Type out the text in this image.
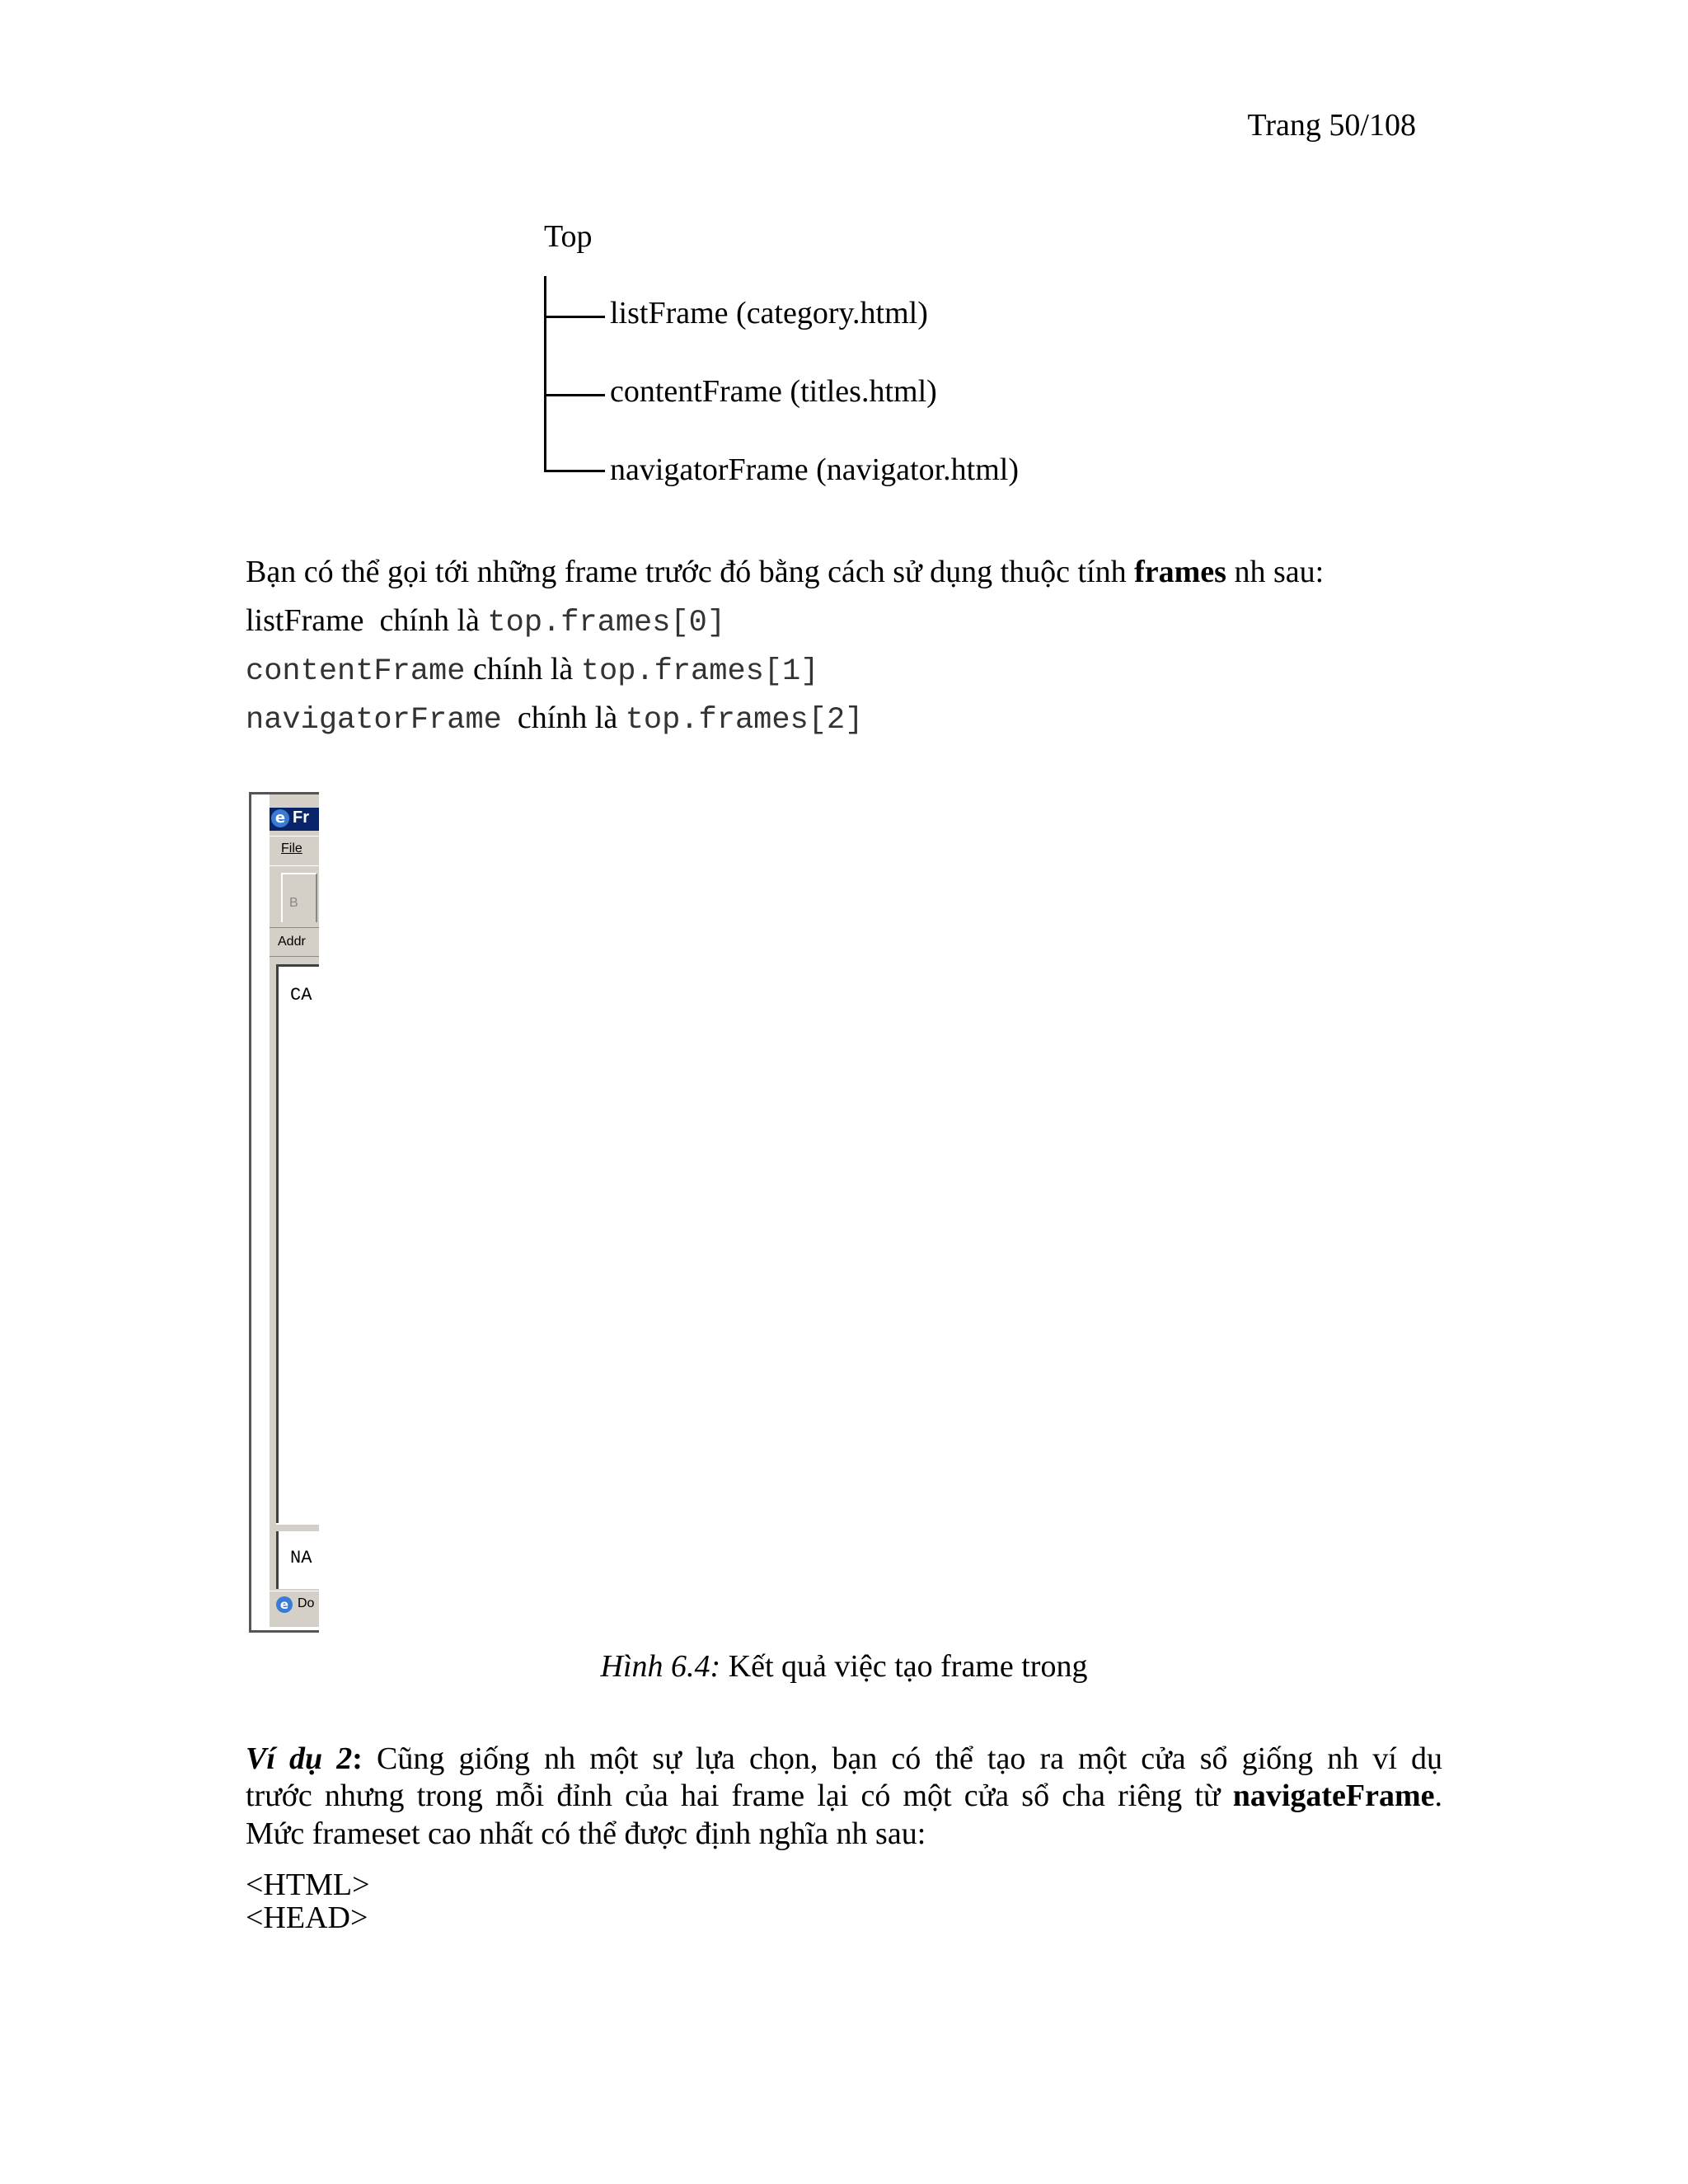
Trang 50/108
Top
listFrame (category.html)
contentFrame (titles.html)
navigatorFrame (navigator.html)
Bạn có thể gọi tới những frame trước đó bằng cách sử dụng thuộc tính frames nh sau:
listFrame chính là top.frames[0]
contentFrame chính là top.frames[1]
navigatorFrame chính là top.frames[2]
e Fr
File
B
Addr
CA
NA
e Do
Hình 6.4: Kết quả việc tạo frame trong
Ví dụ 2: Cũng giống nh một sự lựa chọn, bạn có thể tạo ra một cửa sổ giống nh ví dụ
trước nhưng trong mỗi đỉnh của hai frame lại có một cửa sổ cha riêng từ navigateFrame.
Mức frameset cao nhất có thể được định nghĩa nh sau:
<HTML>
<HEAD>
